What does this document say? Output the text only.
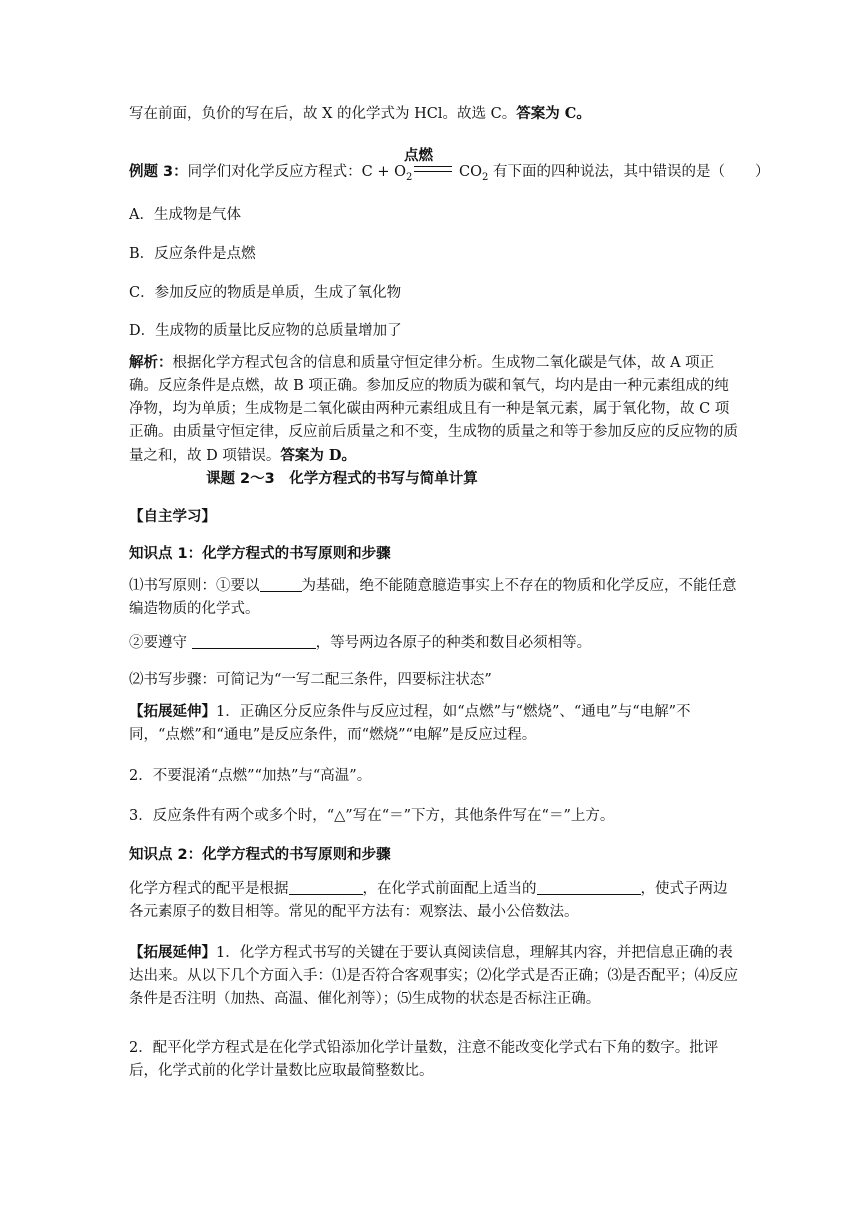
写在前面，负价的写在后，故 X 的化学式为 HCl。故选 C。答案为 C。
点燃
例题 3：同学们对化学反应方程式：$C + O_2$	$CO_2$ 有下面的四种说法，其中错误的是（ ）
A．生成物是气体
B．反应条件是点燃
C．参加反应的物质是单质，生成了氧化物
D．生成物的质量比反应物的总质量增加了
解析：根据化学方程式包含的信息和质量守恒定律分析。生成物二氧化碳是气体，故 A 项正确。反应条件是点燃，故 B 项正确。参加反应的物质为碳和氧气，均内是由一种元素组成的纯净物，均为单质；生成物是二氧化碳由两种元素组成且有一种是氧元素，属于氧化物，故 C 项正确。由质量守恒定律，反应前后质量之和不变，生成物的质量之和等于参加反应的反应物的质量之和，故 D 项错误。答案为 D。
课题 2～3　化学方程式的书写与简单计算
【自主学习】
知识点 1：化学方程式的书写原则和步骤
⑴书写原则：①要以	为基础，绝不能随意臆造事实上不存在的物质和化学反应，不能任意编造物质的化学式。
②要遵守	，等号两边各原子的种类和数目必须相等。
⑵书写步骤：可简记为“一写二配三条件，四要标注状态”
【拓展延伸】1．正确区分反应条件与反应过程，如“点燃”与“燃烧”、“通电”与“电解”不同，“点燃”和“通电”是反应条件，而“燃烧”“电解”是反应过程。
2．不要混淆“点燃”“加热”与“高温”。
3．反应条件有两个或多个时，“△”写在“＝”下方，其他条件写在“＝”上方。
知识点 2：化学方程式的书写原则和步骤
化学方程式的配平是根据	，在化学式前面配上适当的	，使式子两边各元素原子的数目相等。常见的配平方法有：观察法、最小公倍数法。
【拓展延伸】1．化学方程式书写的关键在于要认真阅读信息，理解其内容，并把信息正确的表达出来。从以下几个方面入手：⑴是否符合客观事实；⑵化学式是否正确；⑶是否配平；⑷反应条件是否注明（加热、高温、催化剂等）；⑸生成物的状态是否标注正确。
2．配平化学方程式是在化学式铅添加化学计量数，注意不能改变化学式右下角的数字。批评后，化学式前的化学计量数比应取最简整数比。
